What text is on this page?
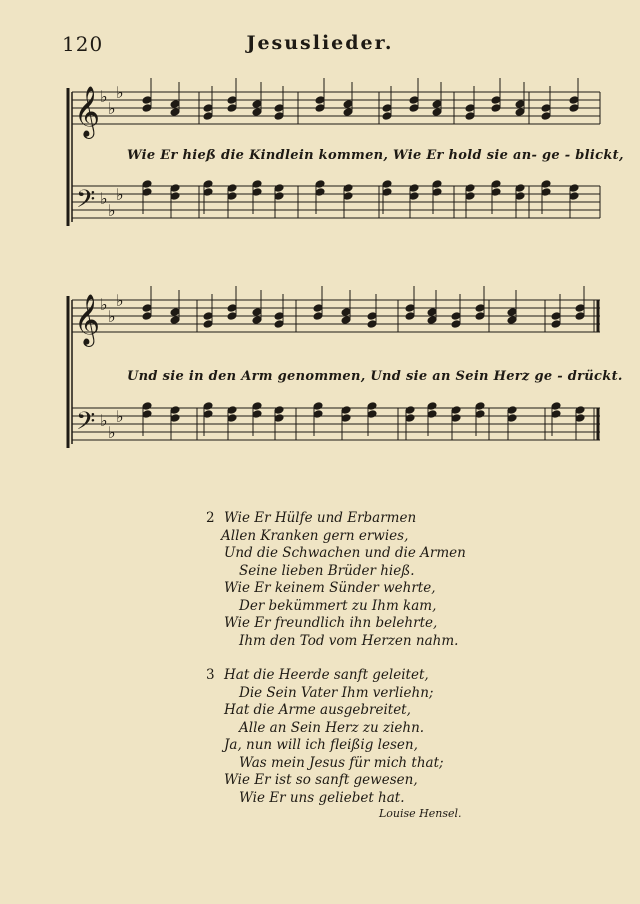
120	Jesuslieder.
𝄞 ♭
♭
♭
𝄢 ♭
♭
♭
𝄞 ♭
♭
♭
𝄢 ♭
♭
♭
Wie Er hieß die Kindlein kommen, Wie Er hold sie an- ge - blickt,
Und sie in den Arm genommen, Und sie an Sein Herz ge - drückt.
2 Wie Er Hülfe und Erbarmen
Allen Kranken gern erwies,
Und die Schwachen und die Armen
Seine lieben Brüder hieß.
Wie Er keinem Sünder wehrte,
Der bekümmert zu Ihm kam,
Wie Er freundlich ihn belehrte,
Ihm den Tod vom Herzen nahm.
3 Hat die Heerde sanft geleitet,
Die Sein Vater Ihm verliehn;
Hat die Arme ausgebreitet,
Alle an Sein Herz zu ziehn.
Ja, nun will ich fleißig lesen,
Was mein Jesus für mich that;
Wie Er ist so sanft gewesen,
Wie Er uns geliebet hat.
Louise Hensel.
